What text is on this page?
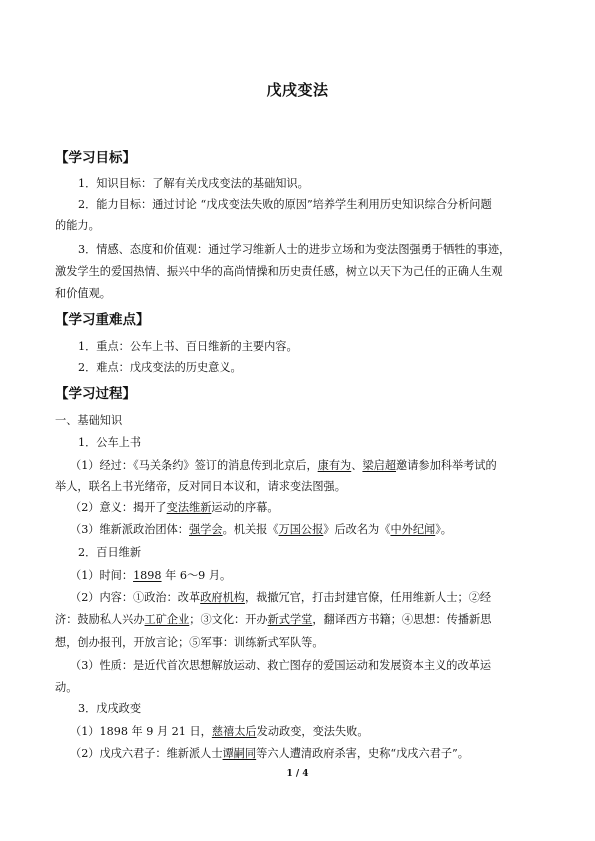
戊戌变法
【学习目标】
1．知识目标：了解有关戊戌变法的基础知识。
2．能力目标：通过讨论 “戊戌变法失败的原因”培养学生利用历史知识综合分析问题
的能力。
3．情感、态度和价值观：通过学习维新人士的进步立场和为变法图强勇于牺牲的事迹，
激发学生的爱国热情、振兴中华的高尚情操和历史责任感，树立以天下为己任的正确人生观
和价值观。
【学习重难点】
1．重点：公车上书、百日维新的主要内容。
2．难点：戊戌变法的历史意义。
【学习过程】
一、基础知识
1．公车上书
（1）经过：《马关条约》签订的消息传到北京后，康有为、梁启超邀请参加科举考试的
举人，联名上书光绪帝，反对同日本议和，请求变法图强。
（2）意义：揭开了变法维新运动的序幕。
（3）维新派政治团体：强学会。机关报《万国公报》后改名为《中外纪闻》。
2．百日维新
（1）时间：1898 年 6～9 月。
（2）内容：①政治：改革政府机构，裁撤冗官，打击封建官僚，任用维新人士；②经
济：鼓励私人兴办工矿企业；③文化：开办新式学堂，翻译西方书籍；④思想：传播新思
想，创办报刊，开放言论；⑤军事：训练新式军队等。
（3）性质：是近代首次思想解放运动、救亡图存的爱国运动和发展资本主义的改革运
动。
3．戊戌政变
（1）1898 年 9 月 21 日，慈禧太后发动政变，变法失败。
（2）戊戌六君子：维新派人士谭嗣同等六人遭清政府杀害，史称“戊戌六君子”。
1 / 4
